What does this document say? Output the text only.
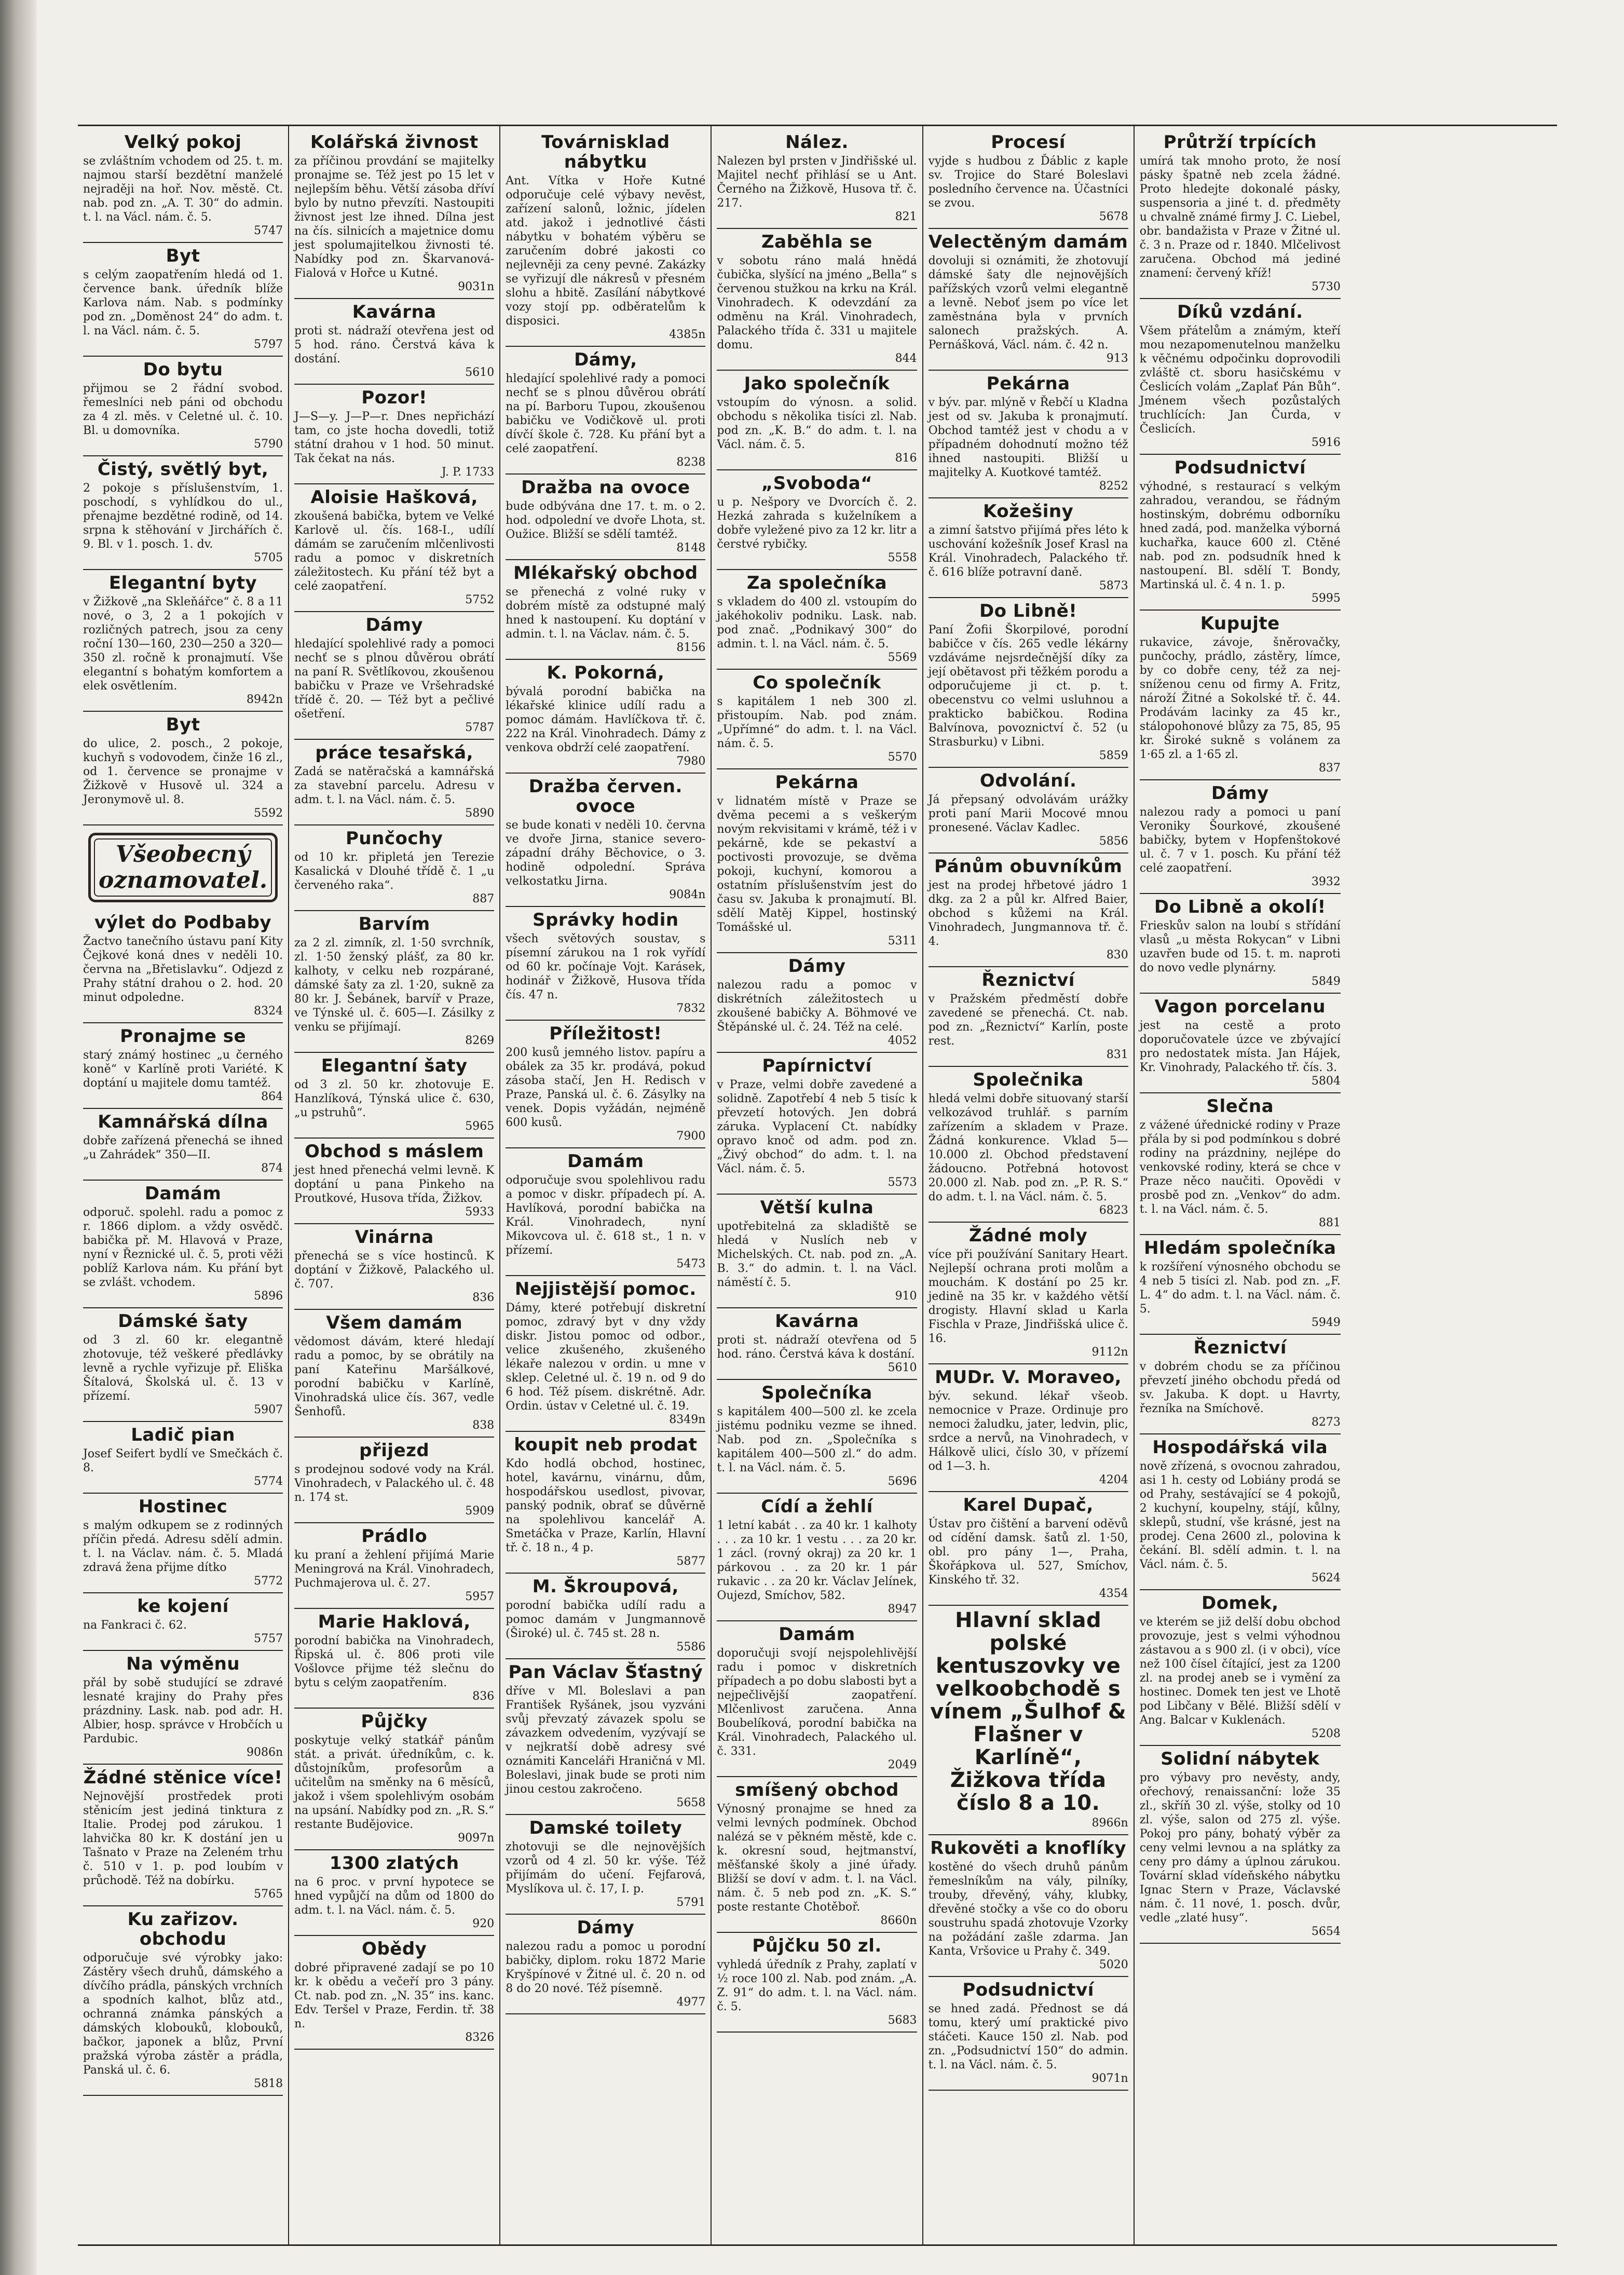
Velký pokoj

se zvláštním vchodem od 25. t. m. najmou starší bezdětní manželé nejraději na hoř. Nov. městě. Ct. nab. pod zn. „A. T. 30“ do admin. t. l. na Václ. nám. č. 5.

5747
Byt

s celým zaopatřením hledá od 1. července bank. úředník blíže Karlova nám. Nab. s podmínky pod zn. „Doměnost 24“ do adm. t. l. na Václ. nám. č. 5.

5797
Do bytu

přijmou se 2 řádní svobod. řemeslníci neb páni od obchodu za 4 zl. měs. v Celetné ul. č. 10. Bl. u domovníka.

5790
Čistý, světlý byt,

2 pokoje s příslušenstvím, 1. poschodí, s vyhlídkou do ul., přenajme bezdětné rodině, od 14. srpna k stěhování v Jirchářích č. 9. Bl. v 1. posch. 1. dv.

5705
Elegantní byty

v Žižkově „na Skleňářce“ č. 8 a 11 nové, o 3, 2 a 1 pokojích v rozličných patrech, jsou za ceny roční 130—160, 230—250 a 320—350 zl. ročně k pronajmutí. Vše elegantní s bohatým komfortem a elek osvětlením.

8942n
Byt

do ulice, 2. posch., 2 pokoje, kuchyň s vodovodem, činže 16 zl., od 1. července se pronajme v Žižkově v Husově ul. 324 a Jeronymově ul. 8.

5592
Všeobecný oznamovatel.
výlet do Podbaby

Žactvo tanečního ústavu paní Kity Čejkové koná dnes v neděli 10. června na „Břetislavku“. Odjezd z Prahy státní drahou o 2. hod. 20 minut odpoledne.

8324
Pronajme se

starý známý hostinec „u černého koně“ v Karlíně proti Variété. K doptání u majitele domu tamtéž.

864
Kamnářská dílna

dobře zařízená přenechá se ihned „u Zahrádek“ 350—II.

874
Damám

odporuč. spolehl. radu a pomoc z r. 1866 diplom. a vždy osvědč. babička př. M. Hlavová v Praze, nyní v Řeznické ul. č. 5, proti věži poblíž Karlova nám. Ku přání byt se zvlášt. vchodem.

5896
Dámské šaty

od 3 zl. 60 kr. elegantně zhotovuje, též veškeré předlávky levně a rychle vyřizuje př. Eliška Šítalová, Školská ul. č. 13 v přízemí.

5907
Ladič pian

Josef Seifert bydlí ve Smečkách č. 8.

5774
Hostinec

s malým odkupem se z rodinných příčin předá. Adresu sdělí admin. t. l. na Václav. nám. č. 5. Mladá zdravá žena přijme dítko

5772
ke kojení

na Fankraci č. 62.

5757
Na výměnu

přál by sobě studující se zdravé lesnaté krajiny do Prahy přes prázdniny. Lask. nab. pod adr. H. Albier, hosp. správce v Hrobčích u Pardubic.

9086n
Žádné stěnice více!

Nejnovější prostředek proti stěnicím jest jediná tinktura z Italie. Prodej pod zárukou. 1 lahvička 80 kr. K dostání jen u Tašnato v Praze na Zeleném trhu č. 510 v 1. p. pod loubím v průchodě. Též na dobírku.

5765
Ku zařizov. obchodu

odporučuje své výrobky jako: Zástěry všech druhů, dámského a dívčího prádla, pánských vrchních a spodních kalhot, blůz atd., ochranná známka pánských a dámských klobouků, klobouků, bačkor, japonek a blůz, První pražská výroba zástěr a prádla, Panská ul. č. 6.

5818
Kolářská živnost

za příčinou provdání se majitelky pronajme se. Též jest po 15 let v nejlepším běhu. Větší zásoba dříví bylo by nutno převzíti. Nastoupiti živnost jest lze ihned. Dílna jest na čís. silnicích a majetnice domu jest spolumajitelkou živnosti té. Nabídky pod zn. Škarvanová-Fialová v Hořce u Kutné.

9031n
Kavárna

proti st. nádraží otevřena jest od 5 hod. ráno. Čerstvá káva k dostání.

5610
Pozor!

J—S—y. J—P—r. Dnes nepřichází tam, co jste hocha dovedli, totiž státní drahou v 1 hod. 50 minut. Tak čekat na nás.

J. P. 1733
Aloisie Hašková,

zkoušená babička, bytem ve Velké Karlově ul. čís. 168-I., udílí dámám se zaručením mlčenlivosti radu a pomoc v diskretních záležitostech. Ku přání též byt a celé zaopatření.

5752
Dámy

hledající spolehlivé rady a pomoci nechť se s plnou důvěrou obrátí na paní R. Světlíkovou, zkoušenou babičku v Praze ve Vršehradské třídě č. 20. — Též byt a pečlivé ošetření.

5787
práce tesařská,

Zadá se natěračská a kamnářská za stavební parcelu. Adresu v adm. t. l. na Václ. nám. č. 5.

5890
Punčochy

od 10 kr. připletá jen Terezie Kasalická v Dlouhé třídě č. 1 „u červeného raka“.

887
Barvím

za 2 zl. zimník, zl. 1·50 svrchník, zl. 1·50 ženský plášť, za 80 kr. kalhoty, v celku neb rozpárané, dámské šaty za zl. 1·20, sukně za 80 kr. J. Šebánek, barvíř v Praze, ve Týnské ul. č. 605—I. Zásilky z venku se přijímají.

8269
Elegantní šaty

od 3 zl. 50 kr. zhotovuje E. Hanzlíková, Týnská ulice č. 630, „u pstruhů“.

5965
Obchod s máslem

jest hned přenechá velmi levně. K doptání u pana Pinkeho na Proutkové, Husova třída, Žižkov.

5933
Vinárna

přenechá se s více hostinců. K doptání v Žižkově, Palackého ul. č. 707.

836
Všem damám

vědomost dávám, které hledají radu a pomoc, by se obrátily na paní Kateřinu Maršálkové, porodní babičku v Karlíně, Vinohradská ulice čís. 367, vedle Šenhofů.

838
přijezd

s prodejnou sodové vody na Král. Vinohradech, v Palackého ul. č. 48 n. 174 st.

5909
Prádlo

ku praní a žehlení přijímá Marie Meningrová na Král. Vinohradech, Puchmajerova ul. č. 27.

5957
Marie Haklová,

porodní babička na Vinohradech, Řipská ul. č. 806 proti vile Vošlovce přijme též slečnu do bytu s celým zaopatřením.

836
Půjčky

poskytuje velký statkář pánům stát. a privát. úředníkům, c. k. důstojníkům, profesorům a učitelům na směnky na 6 měsíců, jakož i všem spolehlivým osobám na upsání. Nabídky pod zn. „R. S.“ restante Budějovice.

9097n
1300 zlatých

na 6 proc. v první hypotece se hned vypůjčí na dům od 1800 do adm. t. l. na Václ. nám. č. 5.

920
Obědy

dobré připravené zadají se po 10 kr. k obědu a večeří pro 3 pány. Ct. nab. pod zn. „N. 35“ ins. kanc. Edv. Teršel v Praze, Ferdin. tř. 38 n.

8326
Továrnisklad nábytku

Ant. Vítka v Hoře Kutné odporučuje celé výbavy nevěst, zařízení salonů, ložnic, jídelen atd. jakož i jednotlivé části nábytku v bohatém výběru se zaručením dobré jakosti co nejlevněji za ceny pevné. Zakázky se vyřizují dle nákresů v přesném slohu a hbitě. Zasílání nábytkové vozy stojí pp. odběratelům k disposici.

4385n
Dámy,

hledající spolehlivé rady a pomoci nechť se s plnou důvěrou obrátí na pí. Barboru Tupou, zkoušenou babičku ve Vodičkově ul. proti dívčí škole č. 728. Ku přání byt a celé zaopatření.

8238
Dražba na ovoce

bude odbývána dne 17. t. m. o 2. hod. odpolední ve dvoře Lhota, st. Oužice. Bližší se sdělí tamtéž.

8148
Mlékařský obchod

se přenechá z volné ruky v dobrém místě za odstupné malý hned k nastoupení. Ku doptání v admin. t. l. na Václav. nám. č. 5.

8156
K. Pokorná,

bývalá porodní babička na lékařské klinice udílí radu a pomoc dámám. Havlíčkova tř. č. 222 na Král. Vinohradech. Dámy z venkova obdrží celé zaopatření.

7980
Dražba červen. ovoce

se bude konati v neděli 10. června ve dvoře Jirna, stanice severo-západní dráhy Běchovice, o 3. hodině odpolední. Správa velkostatku Jirna.

9084n
Správky hodin

všech světových soustav, s písemní zárukou na 1 rok vyřídí od 60 kr. počínaje Vojt. Karásek, hodinář v Žižkově, Husova třída čís. 47 n.

7832
Příležitost!

200 kusů jemného listov. papíru a obálek za 35 kr. prodává, pokud zásoba stačí, Jen H. Redisch v Praze, Panská ul. č. 6. Zásylky na venek. Dopis vyžádán, nejméně 600 kusů.

7900
Damám

odporučuje svou spolehlivou radu a pomoc v diskr. případech pí. A. Havlíková, porodní babička na Král. Vinohradech, nyní Mikovcova ul. č. 618 st., 1 n. v přízemí.

5473
Nejjistější pomoc.

Dámy, které potřebují diskretní pomoc, zdravý byt v dny vždy diskr. Jistou pomoc od odbor., velice zkušeného, zkušeného lékaře nalezou v ordin. u mne v sklep. Celetné ul. č. 19 n. od 9 do 6 hod. Též písem. diskrétně. Adr. Ordin. ústav v Celetné ul. č. 19.

8349n
koupit neb prodat

Kdo hodlá obchod, hostinec, hotel, kavárnu, vinárnu, dům, hospodářskou usedlost, pivovar, panský podnik, obrať se důvěrně na spolehlivou kancelář A. Smetáčka v Praze, Karlín, Hlavní tř. č. 18 n., 4 p.

5877
M. Škroupová,

porodní babička udílí radu a pomoc damám v Jungmannově (Široké) ul. č. 745 st. 28 n.

5586
Pan Václav Šťastný

dříve v Ml. Boleslavi a pan František Ryšánek, jsou vyzváni svůj převzatý závazek spolu se závazkem odvedením, vyzývají se v nejkratší době adresy své oznámiti Kanceláři Hraničná v Ml. Boleslavi, jinak bude se proti nim jinou cestou zakročeno.

5658
Damské toilety

zhotovuji se dle nejnovějších vzorů od 4 zl. 50 kr. výše. Též přijímám do učení. Fejfarová, Myslíkova ul. č. 17, I. p.

5791
Dámy

nalezou radu a pomoc u porodní babičky, diplom. roku 1872 Marie Kryšpínové v Žitné ul. č. 20 n. od 8 do 20 nové. Též písemně.

4977
Nález.

Nalezen byl prsten v Jindřišské ul. Majitel nechť přihlásí se u Ant. Černého na Žižkově, Husova tř. č. 217.

821
Zaběhla se

v sobotu ráno malá hnědá čubička, slyšící na jméno „Bella“ s červenou stužkou na krku na Král. Vinohradech. K odevzdání za odměnu na Král. Vinohradech, Palackého třída č. 331 u majitele domu.

844
Jako společník

vstoupím do výnosn. a solid. obchodu s několika tisíci zl. Nab. pod zn. „K. B.“ do adm. t. l. na Václ. nám. č. 5.

816
„Svoboda“

u p. Nešpory ve Dvorcích č. 2. Hezká zahrada s kuželníkem a dobře vyležené pivo za 12 kr. litr a čerstvé rybičky.

5558
Za společníka

s vkladem do 400 zl. vstoupím do jakéhokoliv podniku. Lask. nab. pod znač. „Podnikavý 300“ do admin. t. l. na Václ. nám. č. 5.

5569
Co společník

s kapitálem 1 neb 300 zl. přistoupím. Nab. pod znám. „Upřímné“ do adm. t. l. na Václ. nám. č. 5.

5570
Pekárna

v lidnatém místě v Praze se dvěma pecemi a s veškerým novým rekvisitami v krámě, též i v pekárně, kde se pekaství a poctivosti provozuje, se dvěma pokoji, kuchyní, komorou a ostatním příslušenstvím jest do času sv. Jakuba k pronajmutí. Bl. sdělí Matěj Kippel, hostinský Tomášské ul.

5311
Dámy

nalezou radu a pomoc v diskrétních záležitostech u zkoušené babičky A. Böhmové ve Štěpánské ul. č. 24. Též na celé.

4052
Papírnictví

v Praze, velmi dobře zavedené a solidně. Zapotřebí 4 neb 5 tisíc k převzetí hotových. Jen dobrá záruka. Vyplacení Ct. nabídky opravo knoč od adm. pod zn. „Živý obchod“ do adm. t. l. na Václ. nám. č. 5.

5573
Větší kulna

upotřebitelná za skladiště se hledá v Nuslích neb v Michelských. Ct. nab. pod zn. „A. B. 3.“ do admin. t. l. na Václ. náměstí č. 5.

910
Kavárna

proti st. nádraží otevřena od 5 hod. ráno. Čerstvá káva k dostání.

5610
Společníka

s kapitálem 400—500 zl. ke zcela jistému podniku vezme se ihned. Nab. pod zn. „Společníka s kapitálem 400—500 zl.“ do adm. t. l. na Václ. nám. č. 5.

5696
Cídí a žehlí

1 letní kabát . . za 40 kr. 1 kalhoty . . . za 10 kr. 1 vestu . . . za 20 kr. 1 zácl. (rovný okraj) za 20 kr. 1 párkovou . . za 20 kr. 1 pár rukavic . . za 20 kr. Václav Jelínek, Oujezd, Smíchov, 582.

8947
Damám

doporučuji svojí nejspolehlivější radu i pomoc v diskretních případech a po dobu slabosti byt a nejpečlivější zaopatření. Mlčenlivost zaručena. Anna Boubelíková, porodní babička na Král. Vinohradech, Palackého ul. č. 331.

2049
smíšený obchod

Výnosný pronajme se hned za velmi levných podmínek. Obchod nalézá se v pěkném městě, kde c. k. okresní soud, hejtmanství, měšťanské školy a jiné úřady. Bližší se doví v adm. t. l. na Václ. nám. č. 5 neb pod zn. „K. S.“ poste restante Chotěboř.

8660n
Půjčku 50 zl.

vyhledá úředník z Prahy, zaplatí v ½ roce 100 zl. Nab. pod znám. „A. Z. 91“ do adm. t. l. na Václ. nám. č. 5.

5683
Procesí

vyjde s hudbou z Ďáblic z kaple sv. Trojice do Staré Boleslavi posledního července na. Účastníci se zvou.

5678
Velectěným damám

dovoluji si oznámiti, že zhotovují dámské šaty dle nejnovějších pařížských vzorů velmi elegantně a levně. Neboť jsem po více let zaměstnána byla v prvních salonech pražských. A. Pernášková, Václ. nám. č. 42 n.

913
Pekárna

v býv. par. mlýně v Řebčí u Kladna jest od sv. Jakuba k pronajmutí. Obchod tamtéž jest v chodu a v případném dohodnutí možno též ihned nastoupiti. Bližší u majitelky A. Kuotkové tamtéž.

8252
Kožešiny

a zimní šatstvo přijímá přes léto k uschování kožešník Josef Krasl na Král. Vinohradech, Palackého tř. č. 616 blíže potravní daně.

5873
Do Libně!

Paní Žofii Škorpilové, porodní babičce v čís. 265 vedle lékárny vzdáváme nejsrdečnější díky za její obětavost při těžkém porodu a odporučujeme ji ct. p. t. obecenstvu co velmi usluhnou a prakticko babičkou. Rodina Balvínova, povoznictví č. 52 (u Strasburku) v Libni.

5859
Odvolání.

Já přepsaný odvolávám urážky proti paní Marii Mocové mnou pronesené. Václav Kadlec.

5856
Pánům obuvníkům

jest na prodej hřbetové jádro 1 dkg. za 2 a půl kr. Alfred Baier, obchod s kůžemi na Král. Vinohradech, Jungmannova tř. č. 4.

830
Řeznictví

v Pražském předměstí dobře zavedené se přenechá. Ct. nab. pod zn. „Řeznictví“ Karlín, poste rest.

831
Společnika

hledá velmi dobře situovaný starší velkozávod truhlář. s parním zařízením a skladem v Praze. Žádná konkurence. Vklad 5—10.000 zl. Obchod představení žádoucno. Potřebná hotovost 20.000 zl. Nab. pod zn. „P. R. S.“ do adm. t. l. na Václ. nám. č. 5.

6823
Žádné moly

více při používání Sanitary Heart. Nejlepší ochrana proti molům a mouchám. K dostání po 25 kr. jedině na 35 kr. v každého větší drogisty. Hlavní sklad u Karla Fischla v Praze, Jindřišská ulice č. 16.

9112n
MUDr. V. Moraveo,

býv. sekund. lékař všeob. nemocnice v Praze. Ordinuje pro nemoci žaludku, jater, ledvin, plic, srdce a nervů, na Vinohradech, v Hálkově ulici, číslo 30, v přízemí od 1—3. h.

4204
Karel Dupač,

Ústav pro čištění a barvení oděvů od cídění damsk. šatů zl. 1·50, obl. pro pány 1—, Praha, Škořápkova ul. 527, Smíchov, Kinského tř. 32.

4354
Hlavní sklad polské kentuszovky ve velkoobchodě s vínem „Šulhof & Flašner v Karlíně“, Žižkova třída číslo 8 a 10.
8966n
Rukověti a knoflíky

kostěné do všech druhů pánům řemeslníkům na vály, pilníky, trouby, dřevěný, váhy, klubky, dřevěné stočky a vše co do oboru soustruhu spadá zhotovuje Vzorky na požádání zašle zdarma. Jan Kanta, Vršovice u Prahy č. 349.

5020
Podsudnictví

se hned zadá. Přednost se dá tomu, který umí praktické pivo stáčeti. Kauce 150 zl. Nab. pod zn. „Podsudnictví 150“ do admin. t. l. na Václ. nám. č. 5.

9071n
Průtrží trpících

umírá tak mnoho proto, že nosí pásky špatně neb zcela žádné. Proto hledejte dokonalé pásky, suspensoria a jiné t. d. předměty u chvalně známé firmy J. C. Liebel, obr. bandažista v Praze v Žitné ul. č. 3 n. Praze od r. 1840. Mlčelivost zaručena. Obchod má jediné znamení: červený kříž!

5730
Díků vzdání.

Všem přátelům a známým, kteří mou nezapomenutelnou manželku k věčnému odpočinku doprovodili zvláště ct. sboru hasičskému v Česlicích volám „Zaplať Pán Bůh“. Jménem všech pozůstalých truchlících: Jan Čurda, v Česlicích.

5916
Podsudnictví

výhodné, s restaurací s velkým zahradou, verandou, se řádným hostinským, dobrému odborníku hned zadá, pod. manželka výborná kuchařka, kauce 600 zl. Ctěné nab. pod zn. podsudník hned k nastoupení. Bl. sdělí T. Bondy, Martinská ul. č. 4 n. 1. p.

5995
Kupujte

rukavice, závoje, šněrovačky, punčochy, prádlo, zástěry, límce, by co dobře ceny, též za nej-sníženou cenu od firmy A. Fritz, nároží Žitné a Sokolské tř. č. 44. Prodávám lacinky za 45 kr., stálopohonové blůzy za 75, 85, 95 kr. Široké sukně s volánem za 1·65 zl. a 1·65 zl.

837
Dámy

nalezou rady a pomoci u paní Veroniky Šourkové, zkoušené babičky, bytem v Hopfenštokové ul. č. 7 v 1. posch. Ku přání též celé zaopatření.

3932
Do Libně a okolí!

Frieskův salon na loubí s střídání vlasů „u města Rokycan“ v Libni uzavřen bude od 15. t. m. naproti do novo vedle plynárny.

5849
Vagon porcelanu

jest na cestě a proto doporučovatele úzce ve zbývající pro nedostatek místa. Jan Hájek, Kr. Vinohrady, Palackého tř. čís. 3.

5804
Slečna

z vážené úřednické rodiny v Praze přála by si pod podmínkou s dobré rodiny na prázdniny, nejlépe do venkovské rodiny, která se chce v Praze něco naučiti. Opovědi v prosbě pod zn. „Venkov“ do adm. t. l. na Václ. nám. č. 5.

881
Hledám společníka

k rozšíření výnosného obchodu se 4 neb 5 tisíci zl. Nab. pod zn. „F. L. 4“ do adm. t. l. na Václ. nám. č. 5.

5949
Řeznictví

v dobrém chodu se za příčinou převzetí jiného obchodu předá od sv. Jakuba. K dopt. u Havrty, řezníka na Smíchově.

8273
Hospodářská vila

nově zřízená, s ovocnou zahradou, asi 1 h. cesty od Lobiány prodá se od Prahy, sestávající se 4 pokojů, 2 kuchyní, koupelny, stájí, kůlny, sklepů, studní, vše krásné, jest na prodej. Cena 2600 zl., polovina k čekání. Bl. sdělí admin. t. l. na Václ. nám. č. 5.

5624
Domek,

ve kterém se již delší dobu obchod provozuje, jest s velmi výhodnou zástavou a s 900 zl. (i v obci), více než 100 čísel čítající, jest za 1200 zl. na prodej aneb se i vymění za hostinec. Domek ten jest ve Lhotě pod Libčany v Bělé. Bližší sdělí v Ang. Balcar v Kuklenách.

5208
Solidní nábytek

pro výbavy pro nevěsty, andy, ořechový, renaissanční: lože 35 zl., skříň 30 zl. výše, stolky od 10 zl. výše, salon od 275 zl. výše. Pokoj pro pány, bohatý výběr za ceny velmi levnou a na splátky za ceny pro dámy a úplnou zárukou. Tovární sklad vídeňského nábytku Ignac Stern v Praze, Václavské nám. č. 11 nové, 1. posch. dvůr, vedle „zlaté husy“.

5654
